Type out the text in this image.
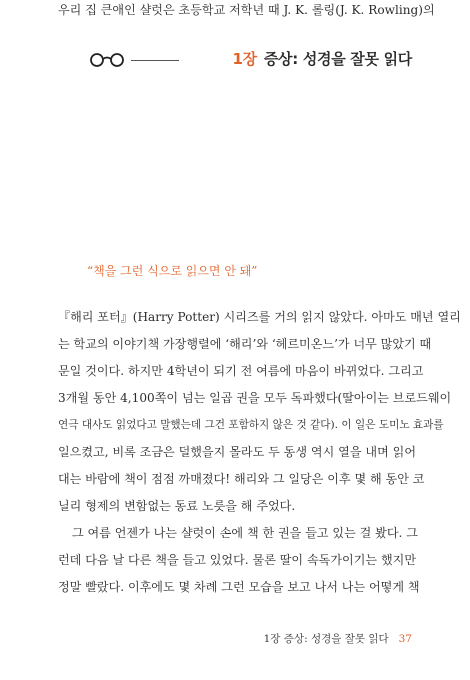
1장 증상: 성경을 잘못 읽다
“책을 그런 식으로 읽으면 안 돼”
우리 집 큰애인 샬럿은 초등학교 저학년 때 J. K. 롤링(J. K. Rowling)의
『해리 포터』(Harry Potter) 시리즈를 거의 읽지 않았다. 아마도 매년 열리
는 학교의 이야기책 가장행렬에 ‘해리’와 ‘헤르미온느’가 너무 많았기 때
문일 것이다. 하지만 4학년이 되기 전 여름에 마음이 바뀌었다. 그리고
3개월 동안 4,100쪽이 넘는 일곱 권을 모두 독파했다(딸아이는 브로드웨이
연극 대사도 읽었다고 말했는데 그건 포함하지 않은 것 같다). 이 일은 도미노 효과를
일으켰고, 비록 조금은 덜했을지 몰라도 두 동생 역시 열을 내며 읽어
대는 바람에 책이 점점 까매졌다! 해리와 그 일당은 이후 몇 해 동안 코
닐리 형제의 변함없는 동료 노릇을 해 주었다.
그 여름 언젠가 나는 샬럿이 손에 책 한 권을 들고 있는 걸 봤다. 그
런데 다음 날 다른 책을 들고 있었다. 물론 딸이 속독가이기는 했지만
정말 빨랐다. 이후에도 몇 차례 그런 모습을 보고 나서 나는 어떻게 책
1장 증상: 성경을 잘못 읽다 37
